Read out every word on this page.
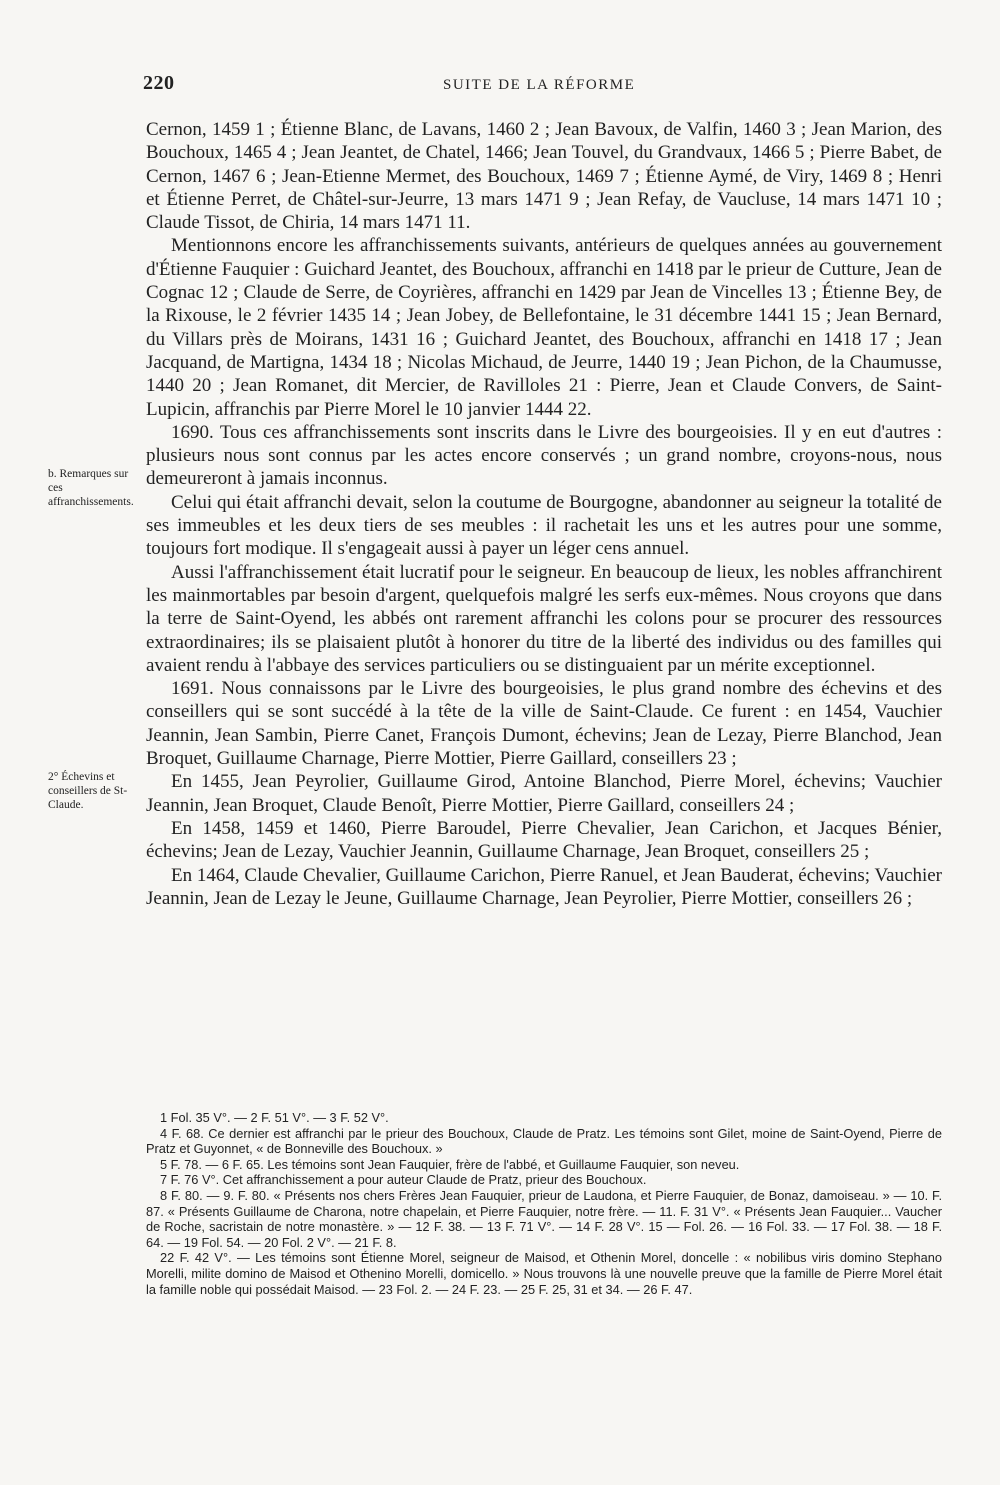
220	SUITE DE LA RÉFORME
b. Remarques sur ces affranchissements.
2° Échevins et conseillers de St-Claude.

Cernon, 1459 1 ; Étienne Blanc, de Lavans, 1460 2 ; Jean Bavoux, de Valfin, 1460 3 ; Jean Marion, des Bouchoux, 1465 4 ; Jean Jeantet, de Chatel, 1466; Jean Touvel, du Grandvaux, 1466 5 ; Pierre Babet, de Cernon, 1467 6 ; Jean-Etienne Mermet, des Bouchoux, 1469 7 ; Étienne Aymé, de Viry, 1469 8 ; Henri et Étienne Perret, de Châtel-sur-Jeurre, 13 mars 1471 9 ; Jean Refay, de Vaucluse, 14 mars 1471 10 ; Claude Tissot, de Chiria, 14 mars 1471 11.

Mentionnons encore les affranchissements suivants, antérieurs de quelques années au gouvernement d'Étienne Fauquier : Guichard Jeantet, des Bouchoux, affranchi en 1418 par le prieur de Cutture, Jean de Cognac 12 ; Claude de Serre, de Coyrières, affranchi en 1429 par Jean de Vincelles 13 ; Étienne Bey, de la Rixouse, le 2 février 1435 14 ; Jean Jobey, de Bellefontaine, le 31 décembre 1441 15 ; Jean Bernard, du Villars près de Moirans, 1431 16 ; Guichard Jeantet, des Bouchoux, affranchi en 1418 17 ; Jean Jacquand, de Martigna, 1434 18 ; Nicolas Michaud, de Jeurre, 1440 19 ; Jean Pichon, de la Chaumusse, 1440 20 ; Jean Romanet, dit Mercier, de Ravilloles 21 : Pierre, Jean et Claude Convers, de Saint-Lupicin, affranchis par Pierre Morel le 10 janvier 1444 22.

1690. Tous ces affranchissements sont inscrits dans le Livre des bourgeoisies. Il y en eut d'autres : plusieurs nous sont connus par les actes encore conservés ; un grand nombre, croyons-nous, nous demeureront à jamais inconnus.

Celui qui était affranchi devait, selon la coutume de Bourgogne, abandonner au seigneur la totalité de ses immeubles et les deux tiers de ses meubles : il rachetait les uns et les autres pour une somme, toujours fort modique. Il s'engageait aussi à payer un léger cens annuel.

Aussi l'affranchissement était lucratif pour le seigneur. En beaucoup de lieux, les nobles affranchirent les mainmortables par besoin d'argent, quelquefois malgré les serfs eux-mêmes. Nous croyons que dans la terre de Saint-Oyend, les abbés ont rarement affranchi les colons pour se procurer des ressources extraordinaires; ils se plaisaient plutôt à honorer du titre de la liberté des individus ou des familles qui avaient rendu à l'abbaye des services particuliers ou se distinguaient par un mérite exceptionnel.

1691. Nous connaissons par le Livre des bourgeoisies, le plus grand nombre des échevins et des conseillers qui se sont succédé à la tête de la ville de Saint-Claude. Ce furent : en 1454, Vauchier Jeannin, Jean Sambin, Pierre Canet, François Dumont, échevins; Jean de Lezay, Pierre Blanchod, Jean Broquet, Guillaume Charnage, Pierre Mottier, Pierre Gaillard, conseillers 23 ;

En 1455, Jean Peyrolier, Guillaume Girod, Antoine Blanchod, Pierre Morel, échevins; Vauchier Jeannin, Jean Broquet, Claude Benoît, Pierre Mottier, Pierre Gaillard, conseillers 24 ;

En 1458, 1459 et 1460, Pierre Baroudel, Pierre Chevalier, Jean Carichon, et Jacques Bénier, échevins; Jean de Lezay, Vauchier Jeannin, Guillaume Charnage, Jean Broquet, conseillers 25 ;

En 1464, Claude Chevalier, Guillaume Carichon, Pierre Ranuel, et Jean Bauderat, échevins; Vauchier Jeannin, Jean de Lezay le Jeune, Guillaume Charnage, Jean Peyrolier, Pierre Mottier, conseillers 26 ;

1 Fol. 35 V°. — 2 F. 51 V°. — 3 F. 52 V°.

4 F. 68. Ce dernier est affranchi par le prieur des Bouchoux, Claude de Pratz. Les témoins sont Gilet, moine de Saint-Oyend, Pierre de Pratz et Guyonnet, « de Bonneville des Bouchoux. »

5 F. 78. — 6 F. 65. Les témoins sont Jean Fauquier, frère de l'abbé, et Guillaume Fauquier, son neveu.

7 F. 76 V°. Cet affranchissement a pour auteur Claude de Pratz, prieur des Bouchoux.

8 F. 80. — 9. F. 80. « Présents nos chers Frères Jean Fauquier, prieur de Laudona, et Pierre Fauquier, de Bonaz, damoiseau. » — 10. F. 87. « Présents Guillaume de Charona, notre chapelain, et Pierre Fauquier, notre frère. — 11. F. 31 V°. « Présents Jean Fauquier... Vaucher de Roche, sacristain de notre monastère. » — 12 F. 38. — 13 F. 71 V°. — 14 F. 28 V°. 15 — Fol. 26. — 16 Fol. 33. — 17 Fol. 38. — 18 F. 64. — 19 Fol. 54. — 20 Fol. 2 V°. — 21 F. 8.

22 F. 42 V°. — Les témoins sont Étienne Morel, seigneur de Maisod, et Othenin Morel, doncelle : « nobilibus viris domino Stephano Morelli, milite domino de Maisod et Othenino Morelli, domicello. » Nous trouvons là une nouvelle preuve que la famille de Pierre Morel était la famille noble qui possédait Maisod. — 23 Fol. 2. — 24 F. 23. — 25 F. 25, 31 et 34. — 26 F. 47.
